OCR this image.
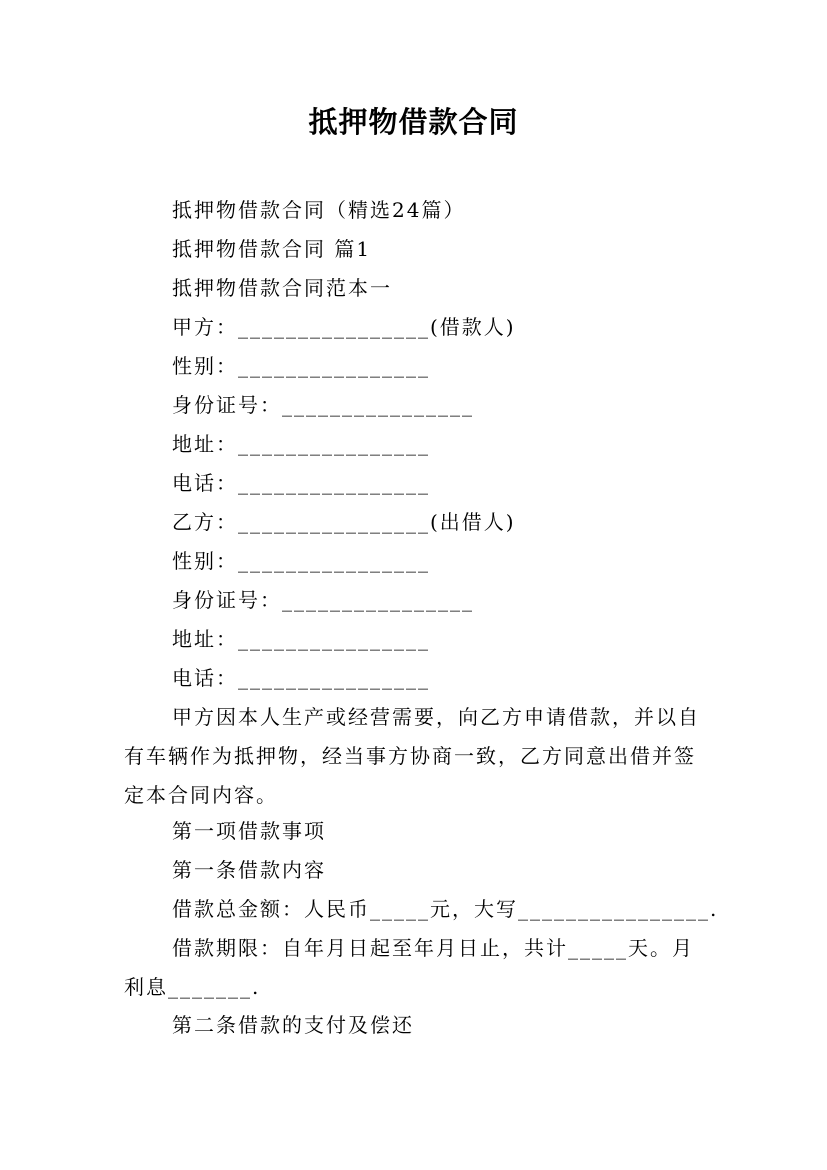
抵押物借款合同
抵押物借款合同（精选24篇）
抵押物借款合同 篇1
抵押物借款合同范本一
甲方：________________(借款人)
性别：________________
身份证号：________________
地址：________________
电话：________________
乙方：________________(出借人)
性别：________________
身份证号：________________
地址：________________
电话：________________

甲方因本人生产或经营需要，向乙方申请借款，并以自有车辆作为抵押物，经当事方协商一致，乙方同意出借并签定本合同内容。

第一项借款事项
第一条借款内容
借款总金额：人民币_____元，大写________________.

借款期限：自年月日起至年月日止，共计_____天。月利息_______.

第二条借款的支付及偿还
